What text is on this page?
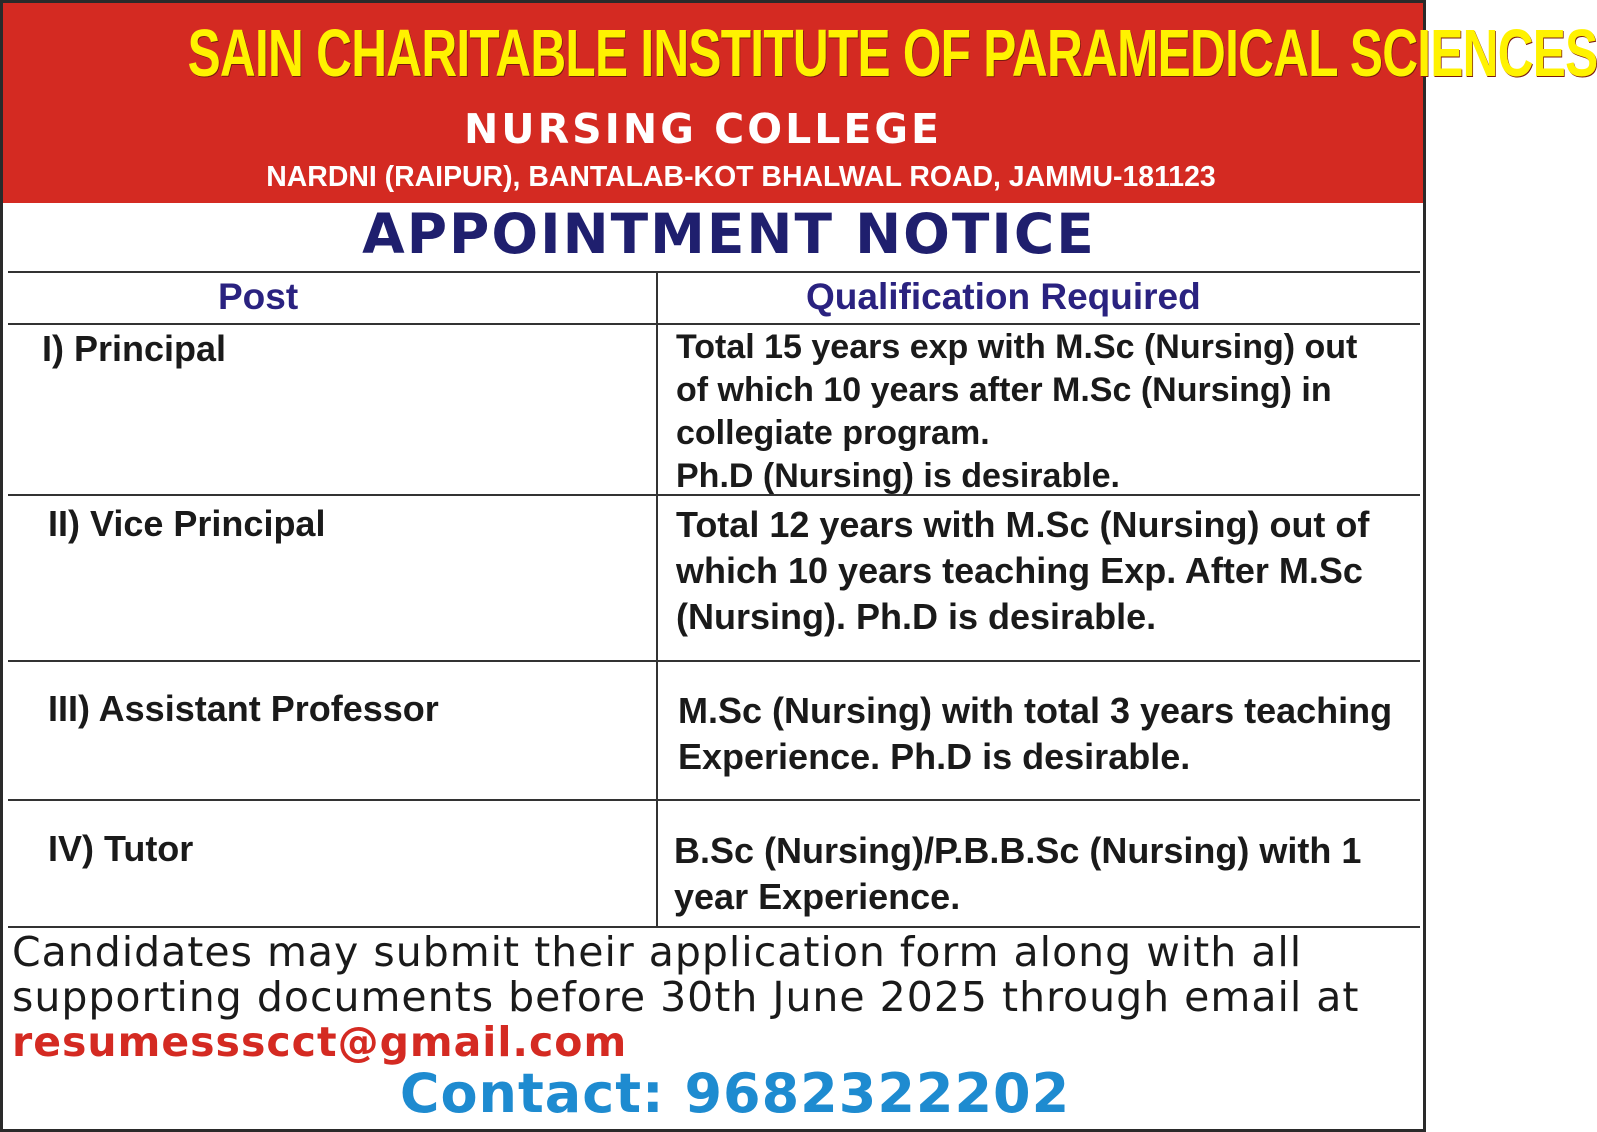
SAIN CHARITABLE INSTITUTE OF PARAMEDICAL SCIENCES
NURSING COLLEGE
NARDNI (RAIPUR), BANTALAB-KOT BHALWAL ROAD, JAMMU-181123
APPOINTMENT NOTICE
Post	Qualification Required
I) Principal	Total 15 years exp with M.Sc (Nursing) out
of which 10 years after M.Sc (Nursing) in
collegiate program.
Ph.D (Nursing) is desirable.
II) Vice Principal	Total 12 years with M.Sc (Nursing) out of
which 10 years teaching Exp. After M.Sc
(Nursing). Ph.D is desirable.
III) Assistant Professor	M.Sc (Nursing) with total 3 years teaching
Experience. Ph.D is desirable.
IV) Tutor	B.Sc (Nursing)/P.B.B.Sc (Nursing) with 1
year Experience.
Candidates may submit their application form along with all supporting documents before 30th June 2025 through email at resumessscct@gmail.com
Contact: 9682322202
